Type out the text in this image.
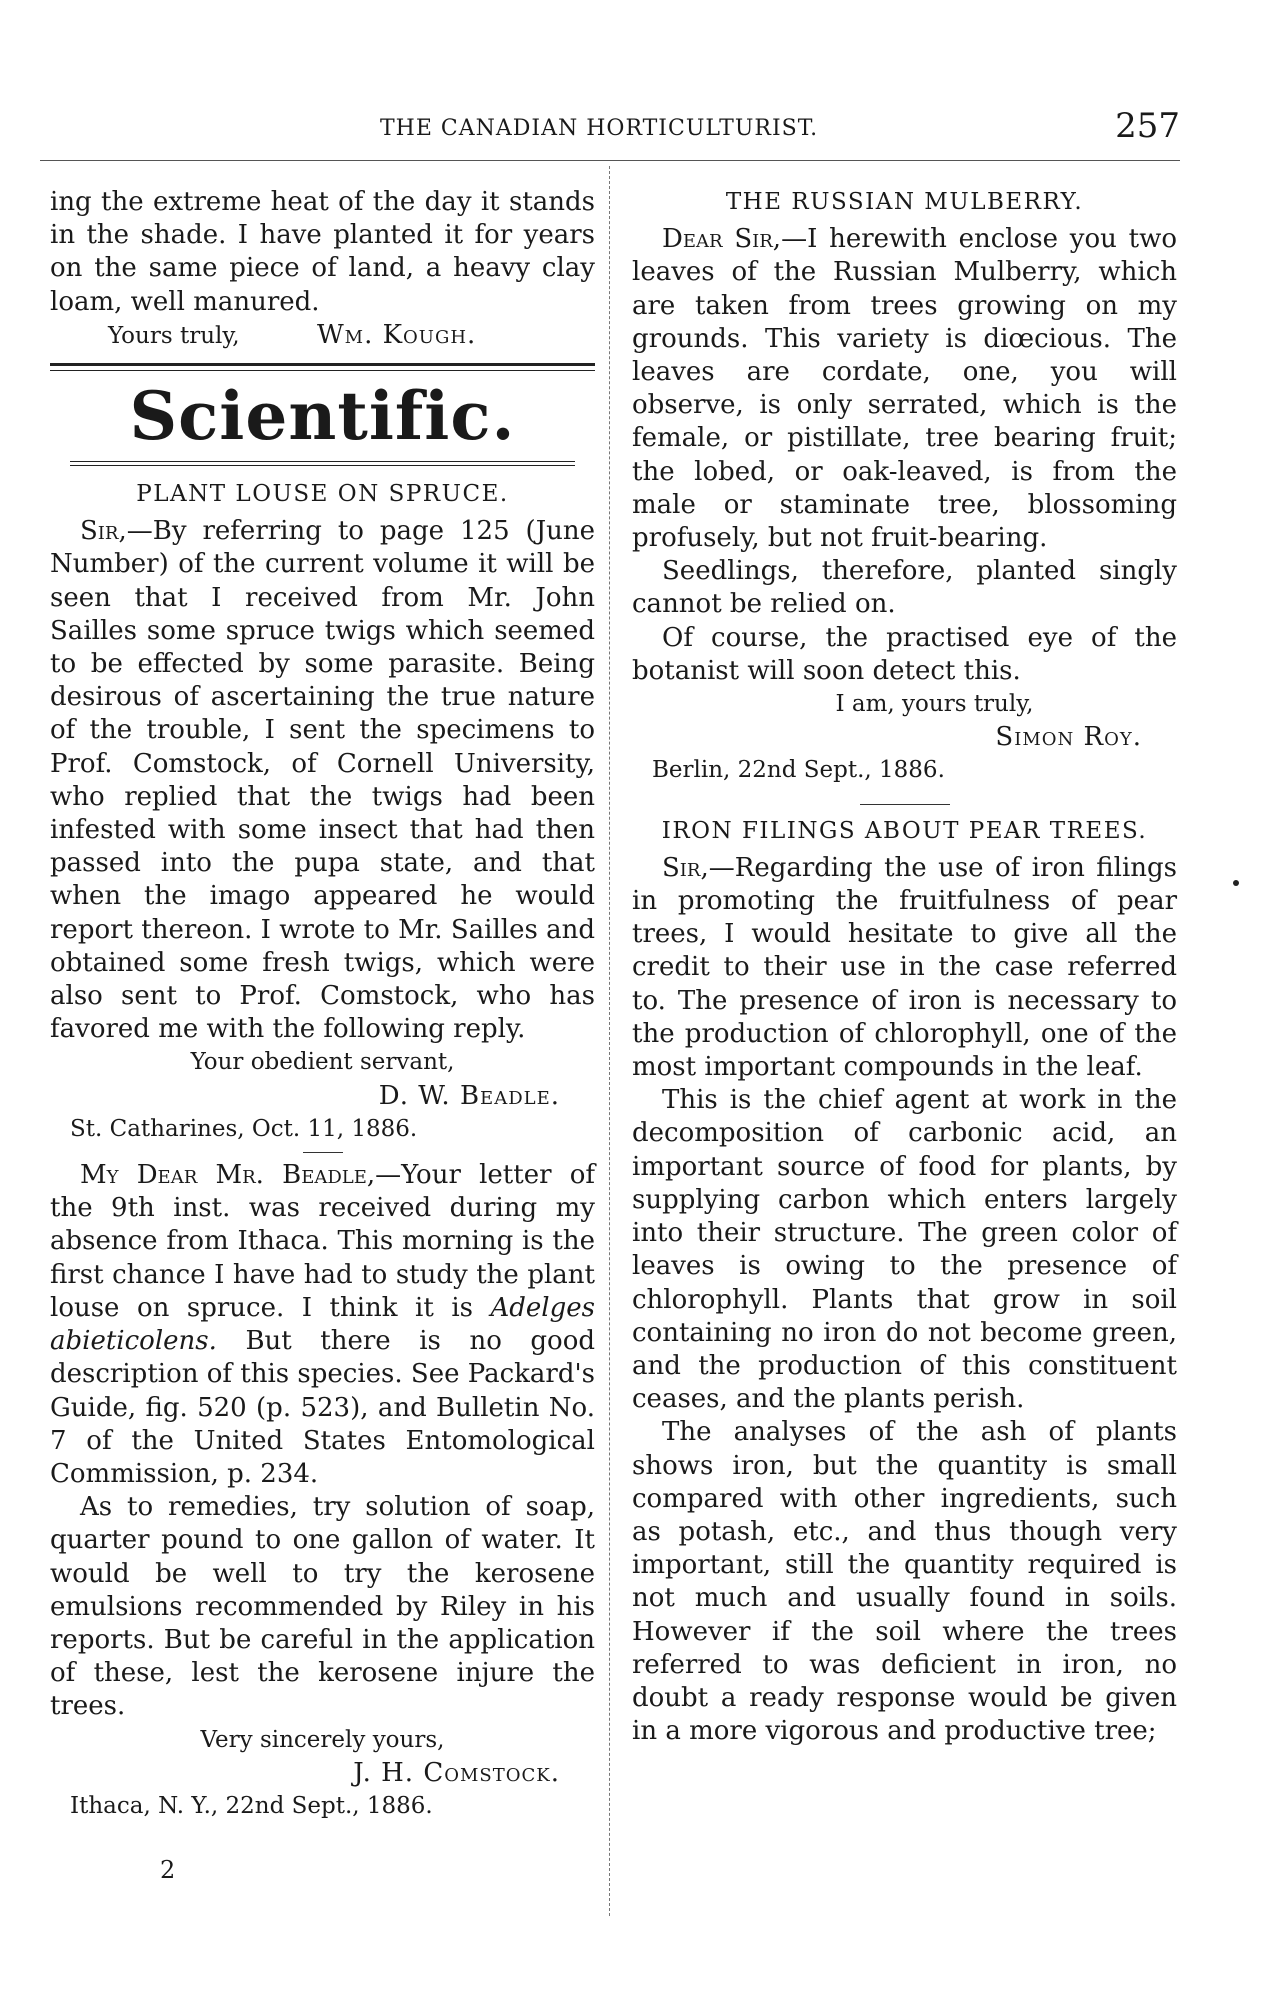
THE CANADIAN HORTICULTURIST.	257

ing the extreme heat of the day it stands in the shade. I have planted it for years on the same piece of land, a heavy clay loam, well manured.

Yours truly,	Wm. Kough.
Scientific.
PLANT LOUSE ON SPRUCE.

Sir,—By referring to page 125 (June Number) of the current volume it will be seen that I received from Mr. John Sailles some spruce twigs which seemed to be effected by some parasite. Being desirous of ascertaining the true nature of the trouble, I sent the specimens to Prof. Comstock, of Cornell University, who replied that the twigs had been infested with some insect that had then passed into the pupa state, and that when the imago appeared he would report thereon. I wrote to Mr. Sailles and obtained some fresh twigs, which were also sent to Prof. Comstock, who has favored me with the following reply.

Your obedient servant,
D. W. Beadle.
St. Catharines, Oct. 11, 1886.

My Dear Mr. Beadle,—Your letter of the 9th inst. was received during my absence from Ithaca. This morning is the first chance I have had to study the plant louse on spruce. I think it is Adelges abieticolens. But there is no good description of this species. See Packard's Guide, fig. 520 (p. 523), and Bulletin No. 7 of the United States Entomological Commission, p. 234.

As to remedies, try solution of soap, quarter pound to one gallon of water. It would be well to try the kerosene emulsions recommended by Riley in his reports. But be careful in the application of these, lest the kerosene injure the trees.

Very sincerely yours,
J. H. Comstock.
Ithaca, N. Y., 22nd Sept., 1886.
2
THE RUSSIAN MULBERRY.

Dear Sir,—I herewith enclose you two leaves of the Russian Mulberry, which are taken from trees growing on my grounds. This variety is diœcious. The leaves are cordate, one, you will observe, is only serrated, which is the female, or pistillate, tree bearing fruit; the lobed, or oak-leaved, is from the male or staminate tree, blossoming profusely, but not fruit-bearing.

Seedlings, therefore, planted singly cannot be relied on.

Of course, the practised eye of the botanist will soon detect this.

I am, yours truly,
Simon Roy.
Berlin, 22nd Sept., 1886.
IRON FILINGS ABOUT PEAR TREES.

Sir,—Regarding the use of iron filings in promoting the fruitfulness of pear trees, I would hesitate to give all the credit to their use in the case referred to. The presence of iron is necessary to the production of chlorophyll, one of the most important compounds in the leaf.

This is the chief agent at work in the decomposition of carbonic acid, an important source of food for plants, by supplying carbon which enters largely into their structure. The green color of leaves is owing to the presence of chlorophyll. Plants that grow in soil containing no iron do not become green, and the production of this constituent ceases, and the plants perish.

The analyses of the ash of plants shows iron, but the quantity is small compared with other ingredients, such as potash, etc., and thus though very important, still the quantity required is not much and usually found in soils. However if the soil where the trees referred to was deficient in iron, no doubt a ready response would be given in a more vigorous and productive tree;
